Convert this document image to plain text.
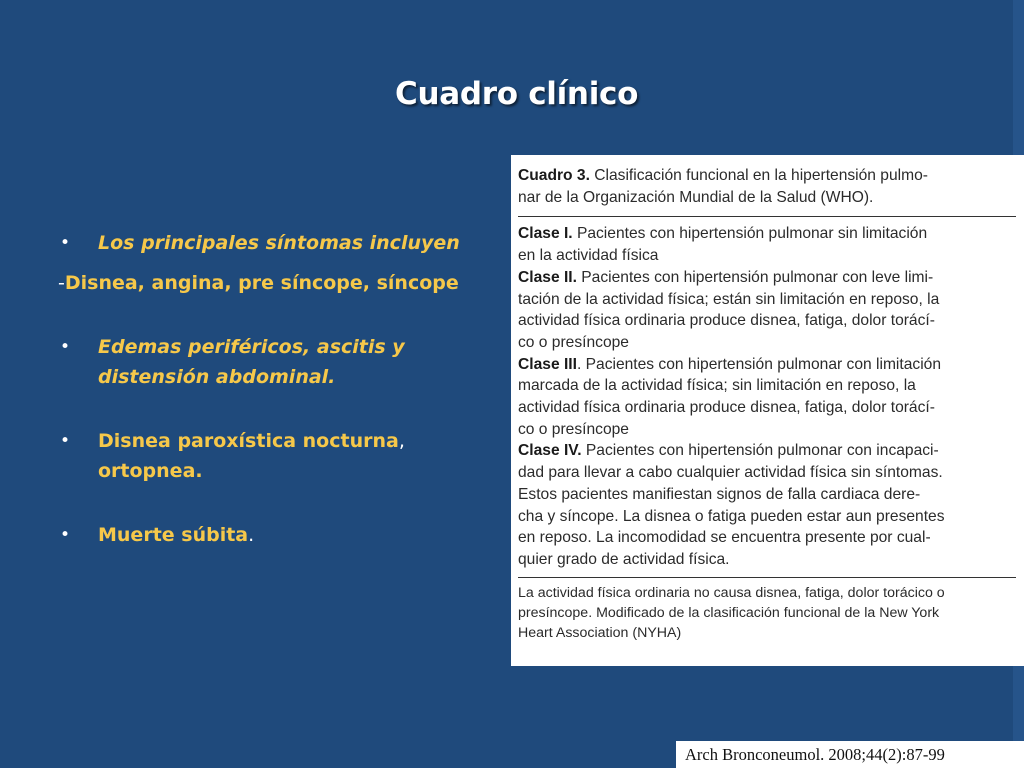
Cuadro clínico
• Los principales síntomas incluyen
-Disnea, angina, pre síncope, síncope
• Edemas periféricos, ascitis y
distensión abdominal.
• Disnea paroxística nocturna,
ortopnea.
• Muerte súbita.

Cuadro 3. Clasificación funcional en la hipertensión pulmo-

nar de la Organización Mundial de la Salud (WHO).

Clase I. Pacientes con hipertensión pulmonar sin limitación

en la actividad física

Clase II. Pacientes con hipertensión pulmonar con leve limi-

tación de la actividad física; están sin limitación en reposo, la

actividad física ordinaria produce disnea, fatiga, dolor torácí-

co o presíncope

Clase III. Pacientes con hipertensión pulmonar con limitación

marcada de la actividad física; sin limitación en reposo, la

actividad física ordinaria produce disnea, fatiga, dolor torácí-

co o presíncope

Clase IV. Pacientes con hipertensión pulmonar con incapaci-

dad para llevar a cabo cualquier actividad física sin síntomas.

Estos pacientes manifiestan signos de falla cardiaca dere-

cha y síncope. La disnea o fatiga pueden estar aun presentes

en reposo. La incomodidad se encuentra presente por cual-

quier grado de actividad física.

La actividad física ordinaria no causa disnea, fatiga, dolor torácico o

presíncope. Modificado de la clasificación funcional de la New York

Heart Association (NYHA)

Arch Bronconeumol. 2008;44(2):87-99
